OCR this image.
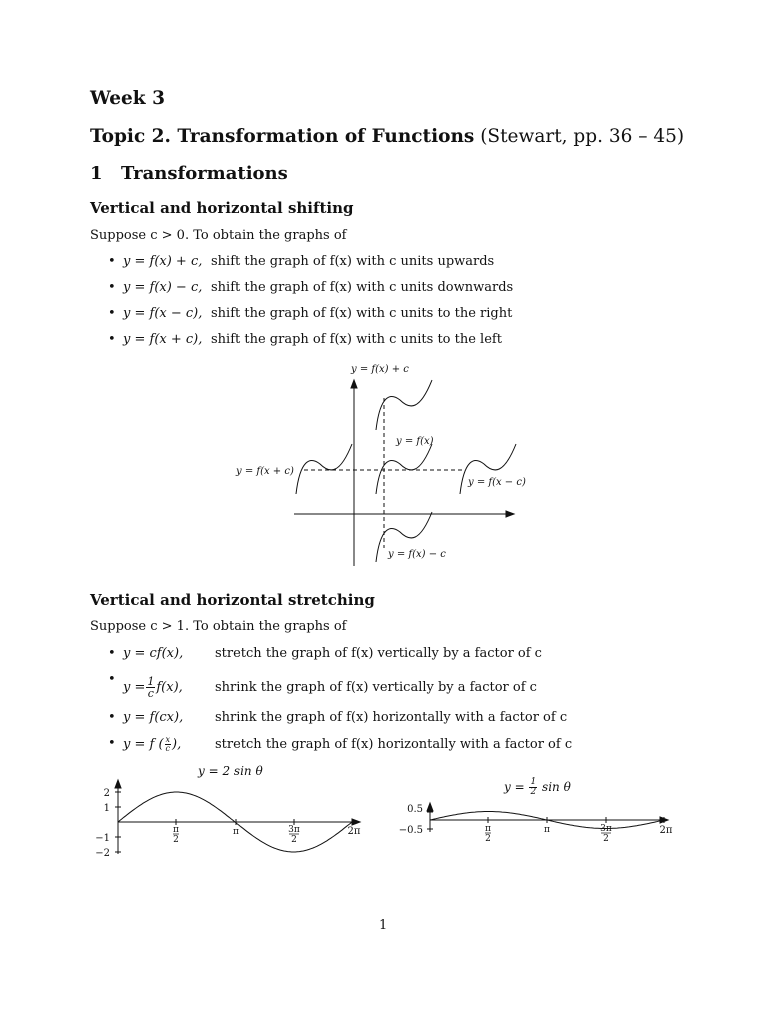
Week 3
Topic 2. Transformation of Functions (Stewart, pp. 36 – 45)
1 Transformations
Vertical and horizontal shifting
Suppose c > 0. To obtain the graphs of
• y = f(x) + c, shift the graph of f(x) with c units upwards
• y = f(x) − c, shift the graph of f(x) with c units downwards
• y = f(x − c), shift the graph of f(x) with c units to the right
• y = f(x + c), shift the graph of f(x) with c units to the left
y = f(x) + c
y = f(x)
y = f(x + c)
y = f(x − c)
y = f(x) − c
Vertical and horizontal stretching
Suppose c > 1. To obtain the graphs of
• y = cf(x), stretch the graph of f(x) vertically by a factor of c
• $y = \frac{1}{c} f(x)$, shrink the graph of f(x) vertically by a factor of c
• y = f(cx), shrink the graph of f(x) horizontally with a factor of c
• y = f ( $\frac{x}{c}$ ),	stretch the graph of f(x) horizontally with a factor of c
y = 2 sin θ
2
1
−1
−2
π
2
π	3π
2
2π
$y = \frac{1}{2}$ sin θ
0.5
−0.5	π
2
π	3π
2
2π
1
